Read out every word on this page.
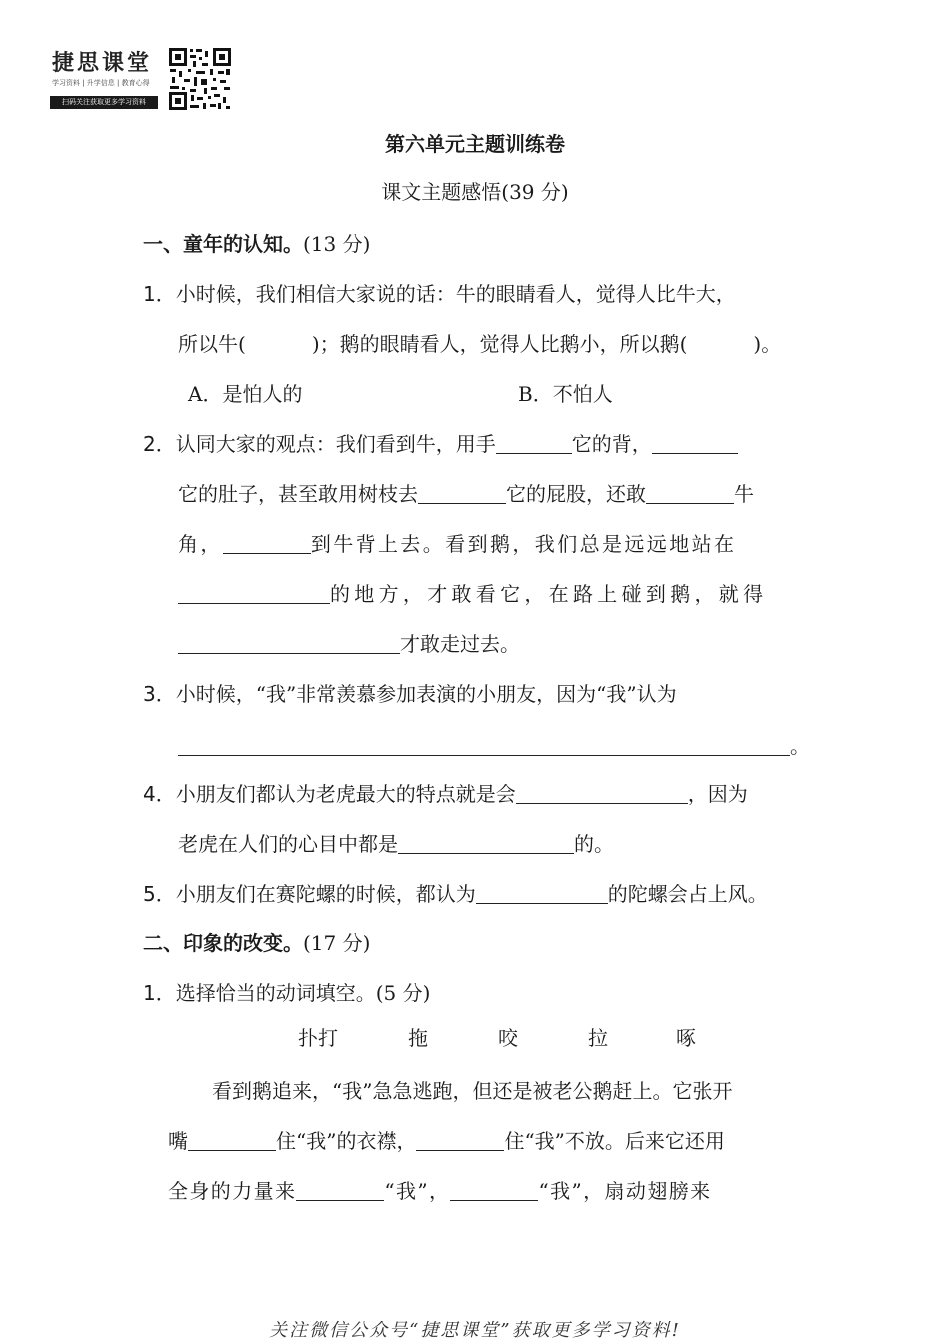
捷思课堂
学习资料 | 升学信息 | 教育心得
扫码关注获取更多学习资料
第六单元主题训练卷
课文主题感悟(39 分)
一、童年的认知。(13 分)
1．小时候，我们相信大家说的话：牛的眼睛看人，觉得人比牛大，
所以牛(	)；鹅的眼睛看人，觉得人比鹅小，所以鹅(	)。
A．是怕人的	B．不怕人
2．认同大家的观点：我们看到牛，用手	它的背，
它的肚子，甚至敢用树枝去	它的屁股，还敢	牛
角，	到牛背上去。看到鹅，我们总是远远地站在
的地方，才敢看它，在路上碰到鹅，就得
才敢走过去。
3．小时候，“我”非常羡慕参加表演的小朋友，因为“我”认为
。
4．小朋友们都认为老虎最大的特点就是会	，因为
老虎在人们的心目中都是	的。
5．小朋友们在赛陀螺的时候，都认为	的陀螺会占上风。
二、印象的改变。(17 分)
1．选择恰当的动词填空。(5 分)
扑打	拖	咬	拉	啄
看到鹅追来，“我”急急逃跑，但还是被老公鹅赶上。它张开
嘴	住“我”的衣襟，	住“我”不放。后来它还用
全身的力量来	“我”，	“我”，扇动翅膀来
关注微信公众号“捷思课堂”获取更多学习资料!
